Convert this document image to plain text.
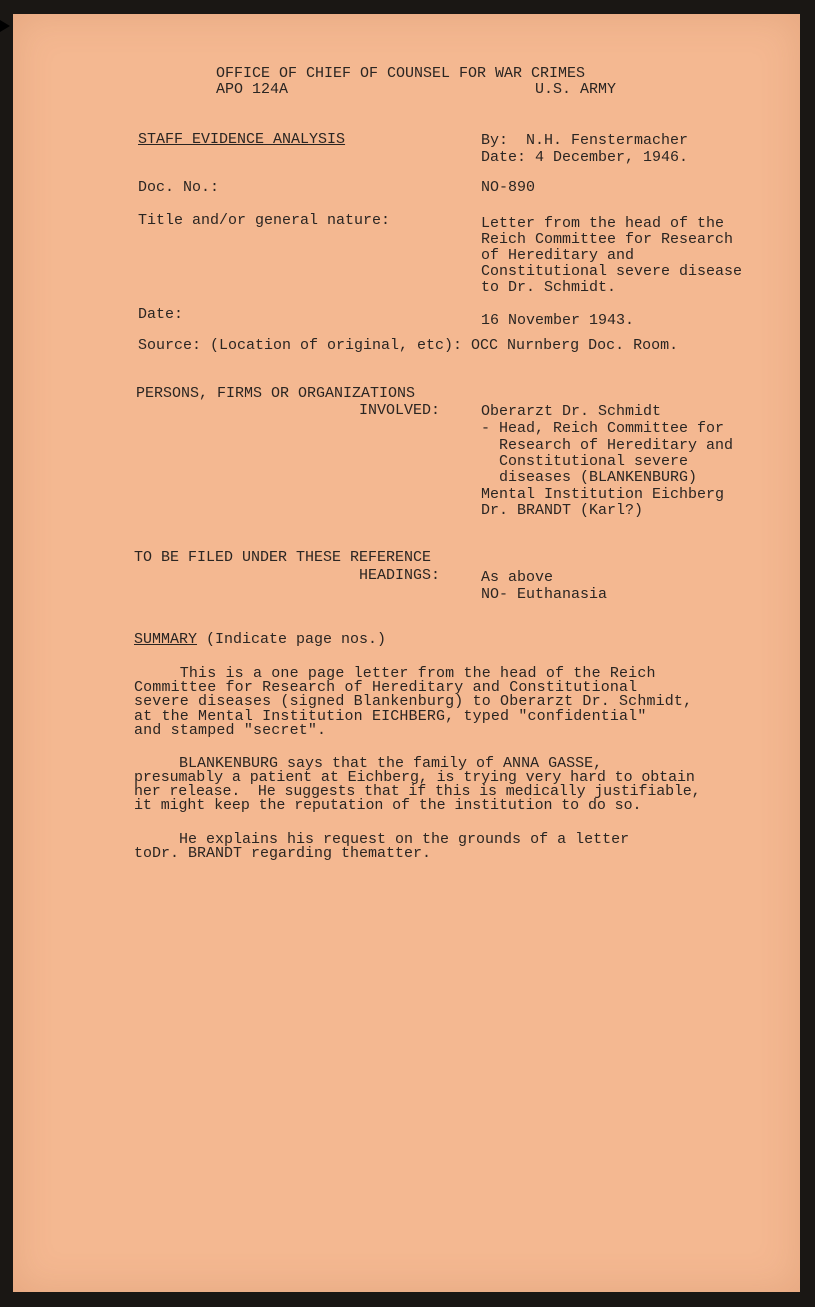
OFFICE OF CHIEF OF COUNSEL FOR WAR CRIMES

APO 124A	U.S. ARMY

STAFF EVIDENCE ANALYSIS	By:  N.H. Fenstermacher

Date: 4 December, 1946.

Doc. No.:	NO-890

Title and/or general nature:	Letter from the head of the

Reich Committee for Research

of Hereditary and

Constitutional severe disease

to Dr. Schmidt.

Date:	16 November 1943.

Source: (Location of original, etc): OCC Nurnberg Doc. Room.

PERSONS, FIRMS OR ORGANIZATIONS

INVOLVED:	Oberarzt Dr. Schmidt

- Head, Reich Committee for

Research of Hereditary and

Constitutional severe

diseases (BLANKENBURG)

Mental Institution Eichberg

Dr. BRANDT (Karl?)

TO BE FILED UNDER THESE REFERENCE

HEADINGS:	As above

NO- Euthanasia

SUMMARY (Indicate page nos.)

This is a one page letter from the head of the Reich

Committee for Research of Hereditary and Constitutional

severe diseases (signed Blankenburg) to Oberarzt Dr. Schmidt,

at the Mental Institution EICHBERG, typed "confidential"

and stamped "secret".

BLANKENBURG says that the family of ANNA GASSE,

presumably a patient at Eichberg, is trying very hard to obtain

her release.  He suggests that if this is medically justifiable,

it might keep the reputation of the institution to do so.

He explains his request on the grounds of a letter

toDr. BRANDT regarding thematter.
